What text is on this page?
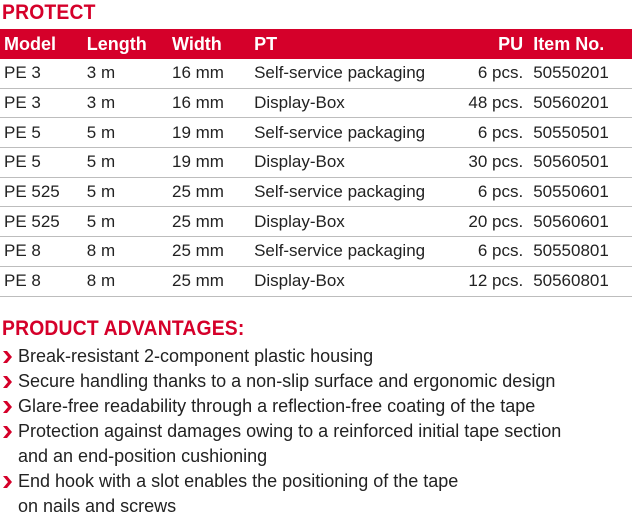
PROTECT
Model	Length	Width	PT	PU	Item No.
PE 3	3 m	16 mm	Self-service packaging	6 pcs.	50550201
PE 3	3 m	16 mm	Display-Box	48 pcs.	50560201
PE 5	5 m	19 mm	Self-service packaging	6 pcs.	50550501
PE 5	5 m	19 mm	Display-Box	30 pcs.	50560501
PE 525	5 m	25 mm	Self-service packaging	6 pcs.	50550601
PE 525	5 m	25 mm	Display-Box	20 pcs.	50560601
PE 8	8 m	25 mm	Self-service packaging	6 pcs.	50550801
PE 8	8 m	25 mm	Display-Box	12 pcs.	50560801
PRODUCT ADVANTAGES:
Break-resistant 2-component plastic housing
Secure handling thanks to a non-slip surface and ergonomic design
Glare-free readability through a reflection-free coating of the tape
Protection against damages owing to a reinforced initial tape section
and an end-position cushioning
End hook with a slot enables the positioning of the tape
on nails and screws
